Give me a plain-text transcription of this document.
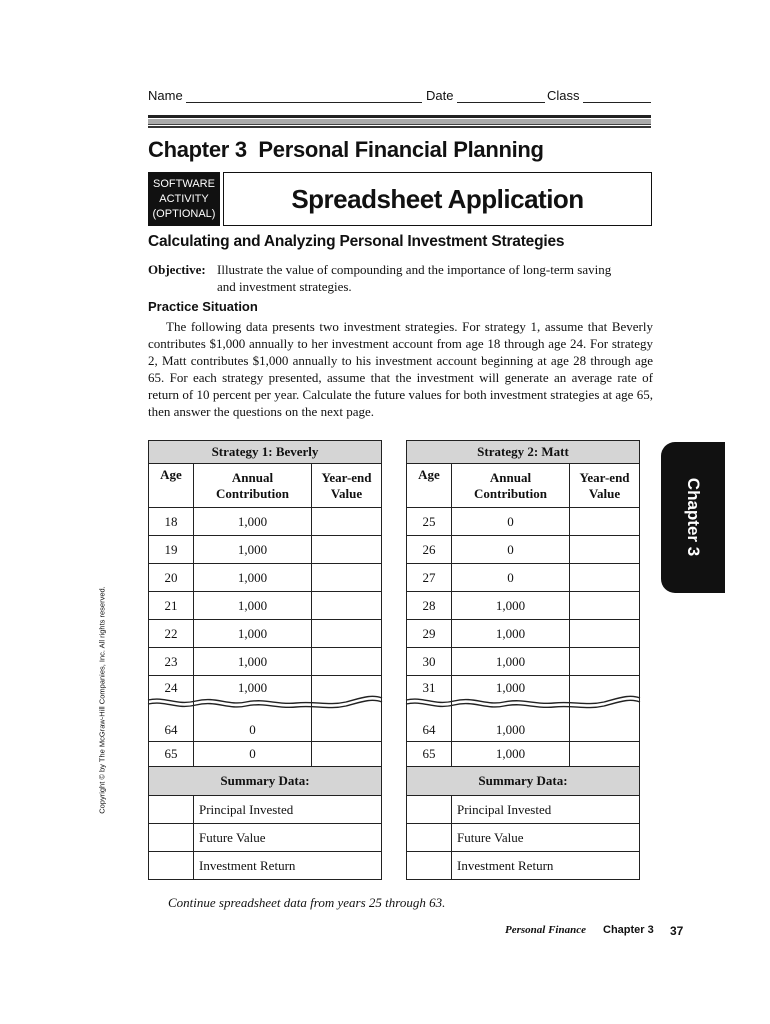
Name	Date	Class
Chapter 3  Personal Financial Planning
SOFTWARE
ACTIVITY
(OPTIONAL)	Spreadsheet Application
Calculating and Analyzing Personal Investment Strategies
Objective: Illustrate the value of compounding and the importance of long-term saving and investment strategies.
Practice Situation
The following data presents two investment strategies. For strategy 1, assume that Beverly contributes $1,000 annually to her investment account from age 18 through age 24. For strategy 2, Matt contributes $1,000 annually to his investment account beginning at age 28 through age 65. For each strategy presented, assume that the investment will generate an average rate of return of 10 percent per year. Calculate the future values for both investment strategies at age 65, then answer the questions on the next page.
Strategy 1: Beverly		
Age	Annual Contribution	Year-end Value
18	1,000	
19	1,000	
20	1,000	
21	1,000	
22	1,000	
23	1,000	
24	1,000	
64	0	
65	0	
Summary Data:		
	Principal Invested	
	Future Value	
	Investment Return	
Strategy 2: Matt		
Age	Annual Contribution	Year-end Value
25	0	
26	0	
27	0	
28	1,000	
29	1,000	
30	1,000	
31	1,000	
64	1,000	
65	1,000	
Summary Data:		
	Principal Invested	
	Future Value	
	Investment Return	
Chapter 3
Copyright © by The McGraw-Hill Companies, Inc. All rights reserved.
Continue spreadsheet data from years 25 through 63.
Personal Finance Chapter 3 37
